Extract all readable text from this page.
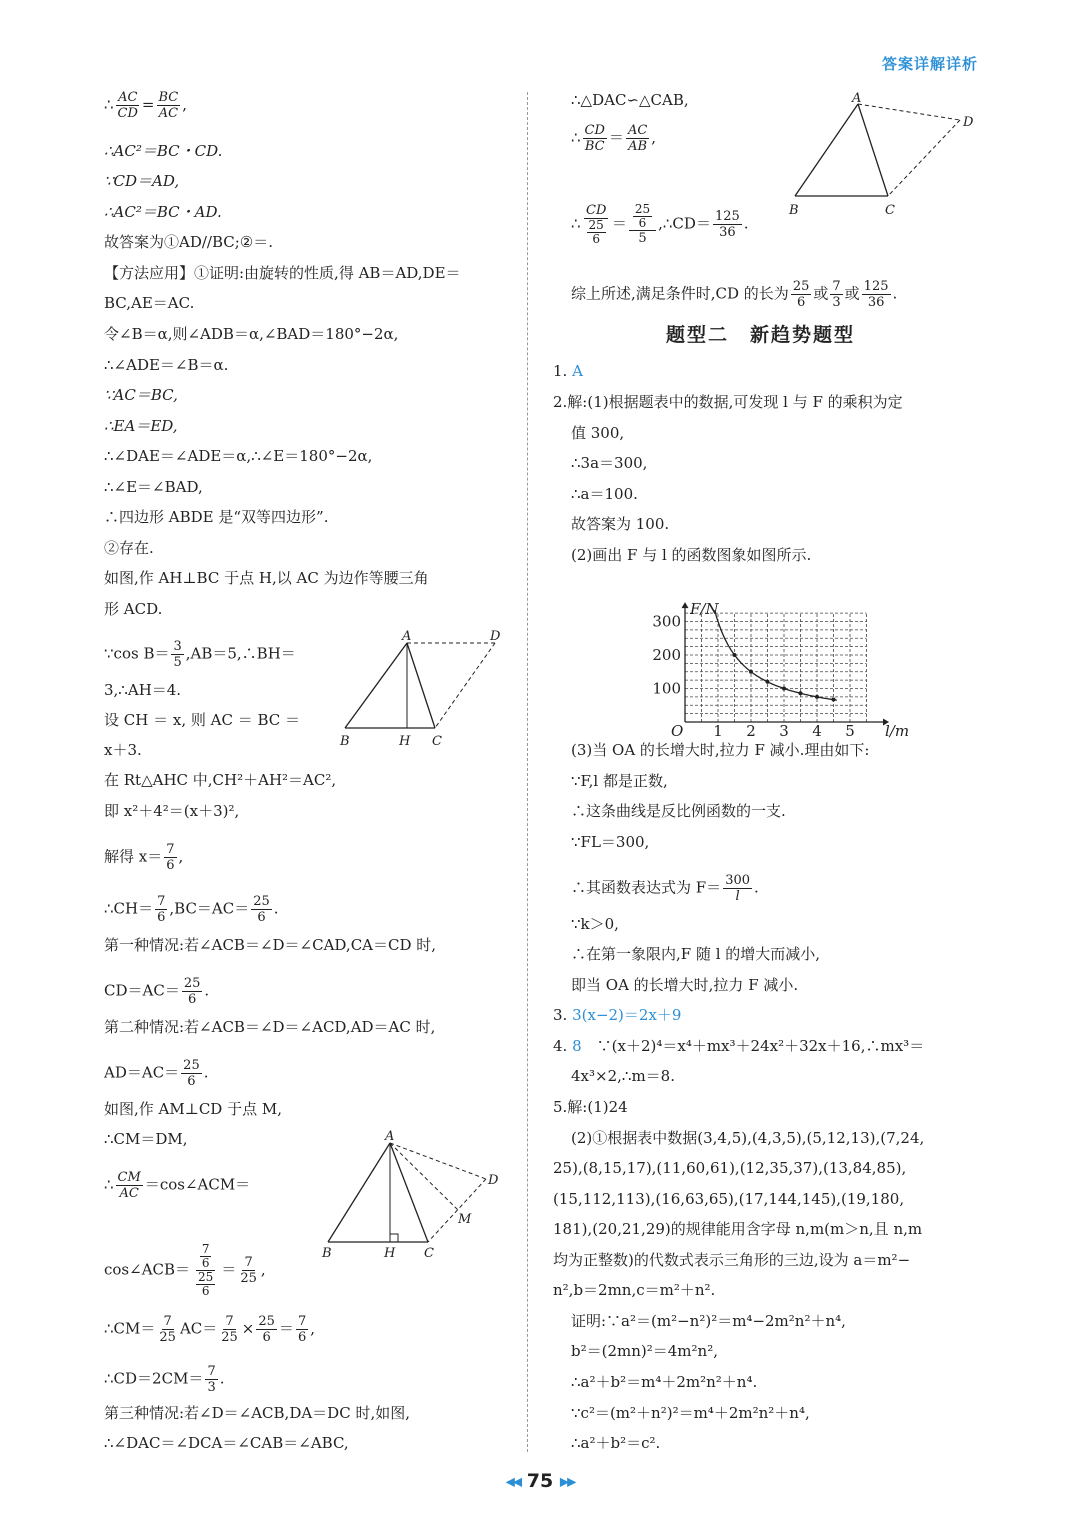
答案详解详析
∴ $\frac{AC}{CD} = \frac{BC}{AC}$ ,
∴AC²＝BC・CD.
∵CD＝AD,
∴AC²＝BC・AD.
故答案为①AD//BC;②＝.
【方法应用】①证明:由旋转的性质,得 AB＝AD,DE＝
BC,AE＝AC.
令∠B＝α,则∠ADB＝α,∠BAD＝180°−2α,
∴∠ADE＝∠B＝α.
∵AC＝BC,
∴EA＝ED,
∴∠DAE＝∠ADE＝α,∴∠E＝180°−2α,
∴∠E＝∠BAD,
∴四边形 ABDE 是“双等四边形”.
②存在.
如图,作 AH⊥BC 于点 H,以 AC 为边作等腰三角
形 ACD.
∵cos $B= \frac{3}{5}$ ,AB＝5,∴BH＝
3,∴AH＝4.
设 CH ＝ x, 则 AC ＝ BC ＝
x＋3.
在 Rt△AHC 中,CH²＋AH²＝AC²,
即 x²＋4²＝(x＋3)²,
解得 $x= \frac{7}{6}$ ,
∴CH＝ $\frac{7}{6} ,BC=AC= \frac{25}{6}$ .
第一种情况:若∠ACB＝∠D＝∠CAD,CA＝CD 时,
$CD=AC= \frac{25}{6}$ .
第二种情况:若∠ACB＝∠D＝∠ACD,AD＝AC 时,
$AD=AC= \frac{25}{6}$ .
如图,作 AM⊥CD 于点 M,
∴CM＝DM,
∴ $\frac{CM}{AC}$ ＝cos∠ACM＝
cos∠ACB＝ $\frac{\frac{7}{6}}{\frac{25}{6}} = \frac{7}{25}$ ,
∴CM＝ $\frac{7}{25} AC= \frac{7}{25} \times \frac{25}{6} = \frac{7}{6}$ ,
∴CD＝2CM＝ $\frac{7}{3}$ .
第三种情况:若∠D＝∠ACB,DA＝DC 时,如图,
∴∠DAC＝∠DCA＝∠CAB＝∠ABC,
A	D
B	H C
A
D
M
B	H C
∴△DAC∽△CAB,
∴ $\frac{CD}{BC} = \frac{AC}{AB}$ ,
∴ $\frac{CD}{\frac{25}{6}} = \frac{\frac{25}{6}}{5}$ ,∴CD＝ $\frac{125}{36}$ .
综上所述,满足条件时,CD 的长为 $\frac{25}{6}$ 或 $\frac{7}{3}$ 或 $\frac{125}{36}$ .
题型二　新趋势题型
1. A
2.解:(1)根据题表中的数据,可发现 l 与 F 的乘积为定
值 300,
∴3a＝300,
∴a＝100.
故答案为 100.
(2)画出 F 与 l 的函数图象如图所示.
(3)当 OA 的长增大时,拉力 F 减小.理由如下:
∵F,l 都是正数,
∴这条曲线是反比例函数的一支.
∵FL＝300,
∴其函数表达式为 $F= \frac{300}{l}$ .
∵k＞0,
∴在第一象限内,F 随 l 的增大而减小,
即当 OA 的长增大时,拉力 F 减小.
3. 3(x−2)＝2x＋9
4. 8　∵(x＋2)⁴＝x⁴＋mx³＋24x²＋32x＋16,∴mx³＝
4x³×2,∴m＝8.
5.解:(1)24
(2)①根据表中数据(3,4,5),(4,3,5),(5,12,13),(7,24,
25),(8,15,17),(11,60,61),(12,35,37),(13,84,85),
(15,112,113),(16,63,65),(17,144,145),(19,180,
181),(20,21,29)的规律能用含字母 n,m(m＞n,且 n,m
均为正整数)的代数式表示三角形的三边,设为 a＝m²−
n²,b＝2mn,c＝m²＋n².
证明:∵a²＝(m²−n²)²＝m⁴−2m²n²＋n⁴,
b²＝(2mn)²＝4m²n²,
∴a²＋b²＝m⁴＋2m²n²＋n⁴.
∵c²＝(m²＋n²)²＝m⁴＋2m²n²＋n⁴,
∴a²＋b²＝c².
A
D
B	C
300
200
100
1 2 3 4 5
F/N
l/m
O
◀◀ 75 ▶▶
